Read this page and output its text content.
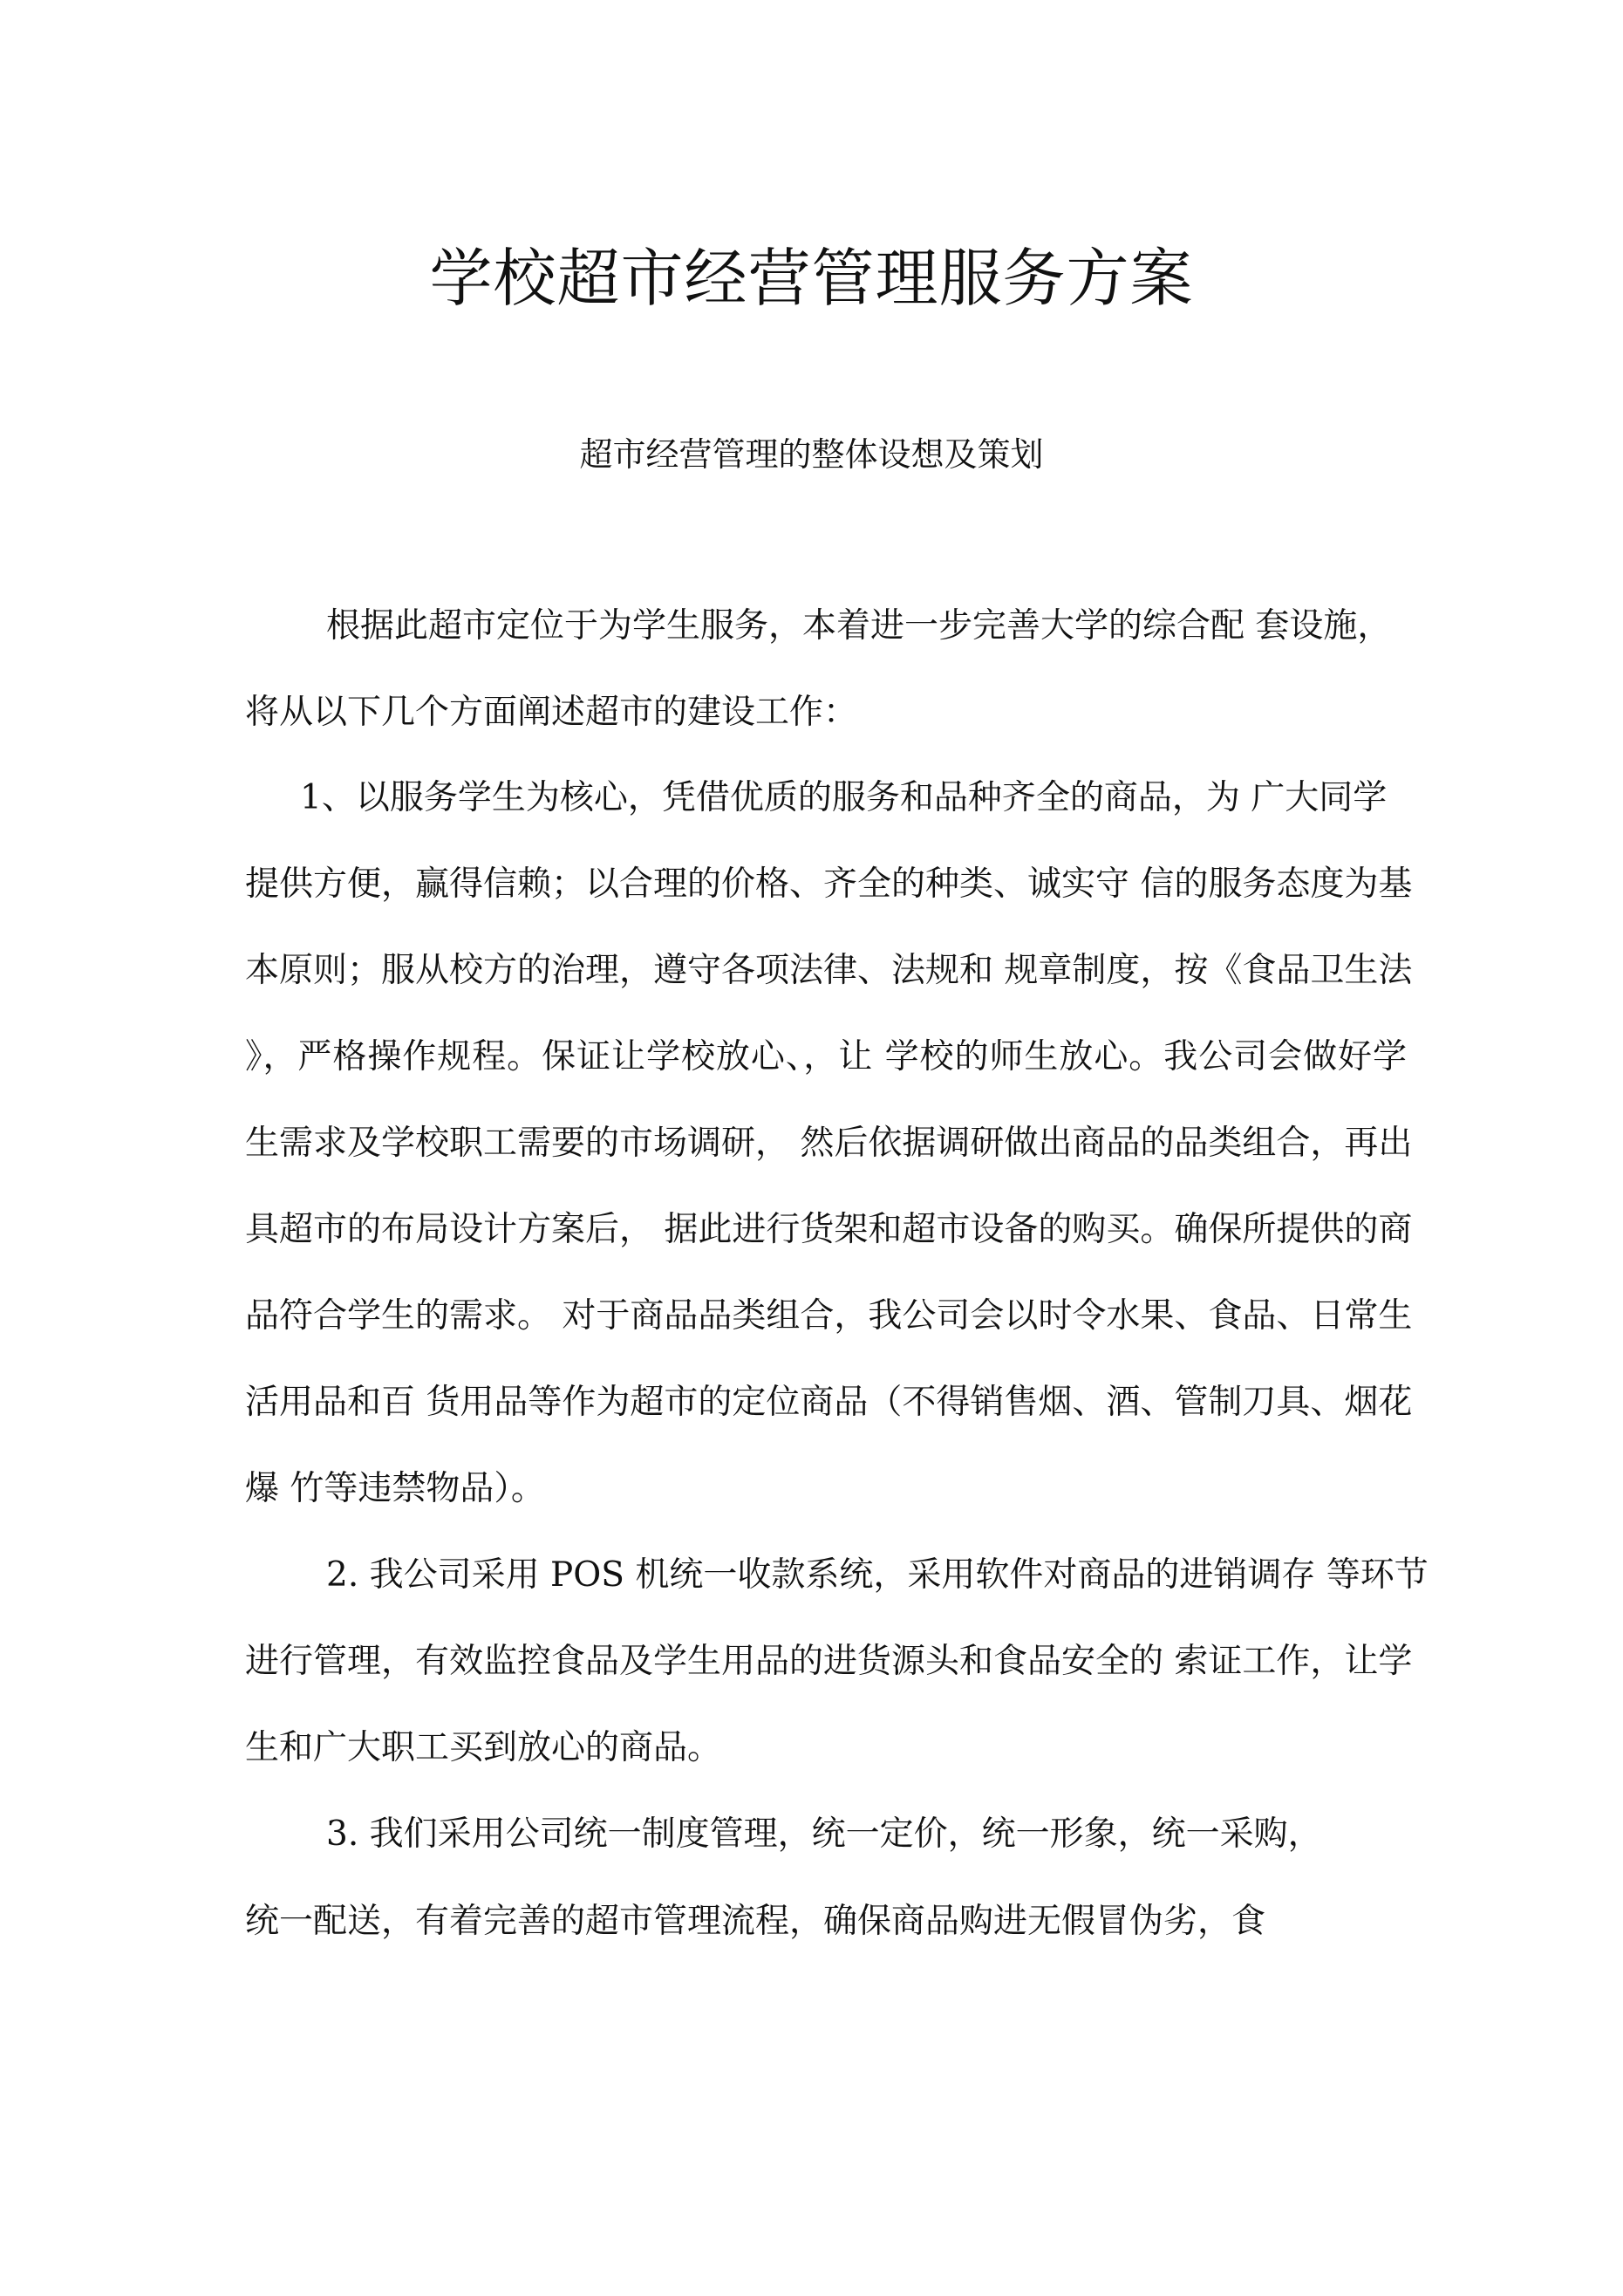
学校超市经营管理服务方案
超市经营管理的整体设想及策划
根据此超市定位于为学生服务，本着进一步完善大学的综合配 套设施，
将从以下几个方面阐述超市的建设工作：
1、以服务学生为核心，凭借优质的服务和品种齐全的商品，为 广大同学
提供方便，赢得信赖；以合理的价格、齐全的种类、诚实守 信的服务态度为基
本原则；服从校方的治理，遵守各项法律、法规和 规章制度，按《食品卫生法
》，严格操作规程。保证让学校放心、，让 学校的师生放心。我公司会做好学
生需求及学校职工需要的市场调研， 然后依据调研做出商品的品类组合，再出
具超市的布局设计方案后， 据此进行货架和超市设备的购买。确保所提供的商
品符合学生的需求。 对于商品品类组合，我公司会以时令水果、食品、日常生
活用品和百 货用品等作为超市的定位商品（不得销售烟、酒、管制刀具、烟花
爆 竹等违禁物品）。
2. 我公司采用 POS 机统一收款系统，采用软件对商品的进销调存 等环节
进行管理，有效监控食品及学生用品的进货源头和食品安全的 索证工作，让学
生和广大职工买到放心的商品。
3. 我们采用公司统一制度管理，统一定价，统一形象，统一采购，
统一配送，有着完善的超市管理流程，确保商品购进无假冒伪劣，食
